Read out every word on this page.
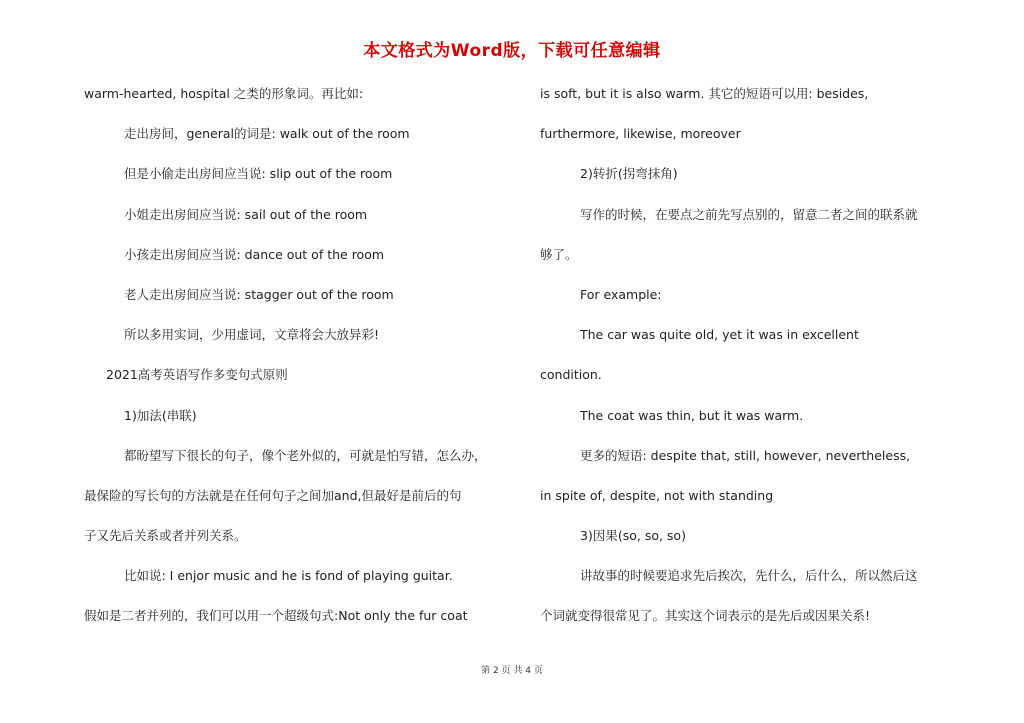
本文格式为Word版，下载可任意编辑

warm-hearted, hospital 之类的形象词。再比如:

走出房间，general的词是: walk out of the room

但是小偷走出房间应当说: slip out of the room

小姐走出房间应当说: sail out of the room

小孩走出房间应当说: dance out of the room

老人走出房间应当说: stagger out of the room

所以多用实词，少用虚词，文章将会大放异彩!

2021高考英语写作多变句式原则

1)加法(串联)

都盼望写下很长的句子，像个老外似的，可就是怕写错，怎么办，

最保险的写长句的方法就是在任何句子之间加and,但最好是前后的句

子又先后关系或者并列关系。

比如说: I enjor music and he is fond of playing guitar.

假如是二者并列的，我们可以用一个超级句式:Not only the fur coat

is soft, but it is also warm. 其它的短语可以用: besides,

furthermore, likewise, moreover

2)转折(拐弯抹角)

写作的时候，在要点之前先写点别的，留意二者之间的联系就

够了。

For example:

The car was quite old, yet it was in excellent

condition.

The coat was thin, but it was warm.

更多的短语: despite that, still, however, nevertheless,

in spite of, despite, not with standing

3)因果(so, so, so)

讲故事的时候要追求先后挨次，先什么，后什么，所以然后这

个词就变得很常见了。其实这个词表示的是先后或因果关系!

第 2 页 共 4 页
